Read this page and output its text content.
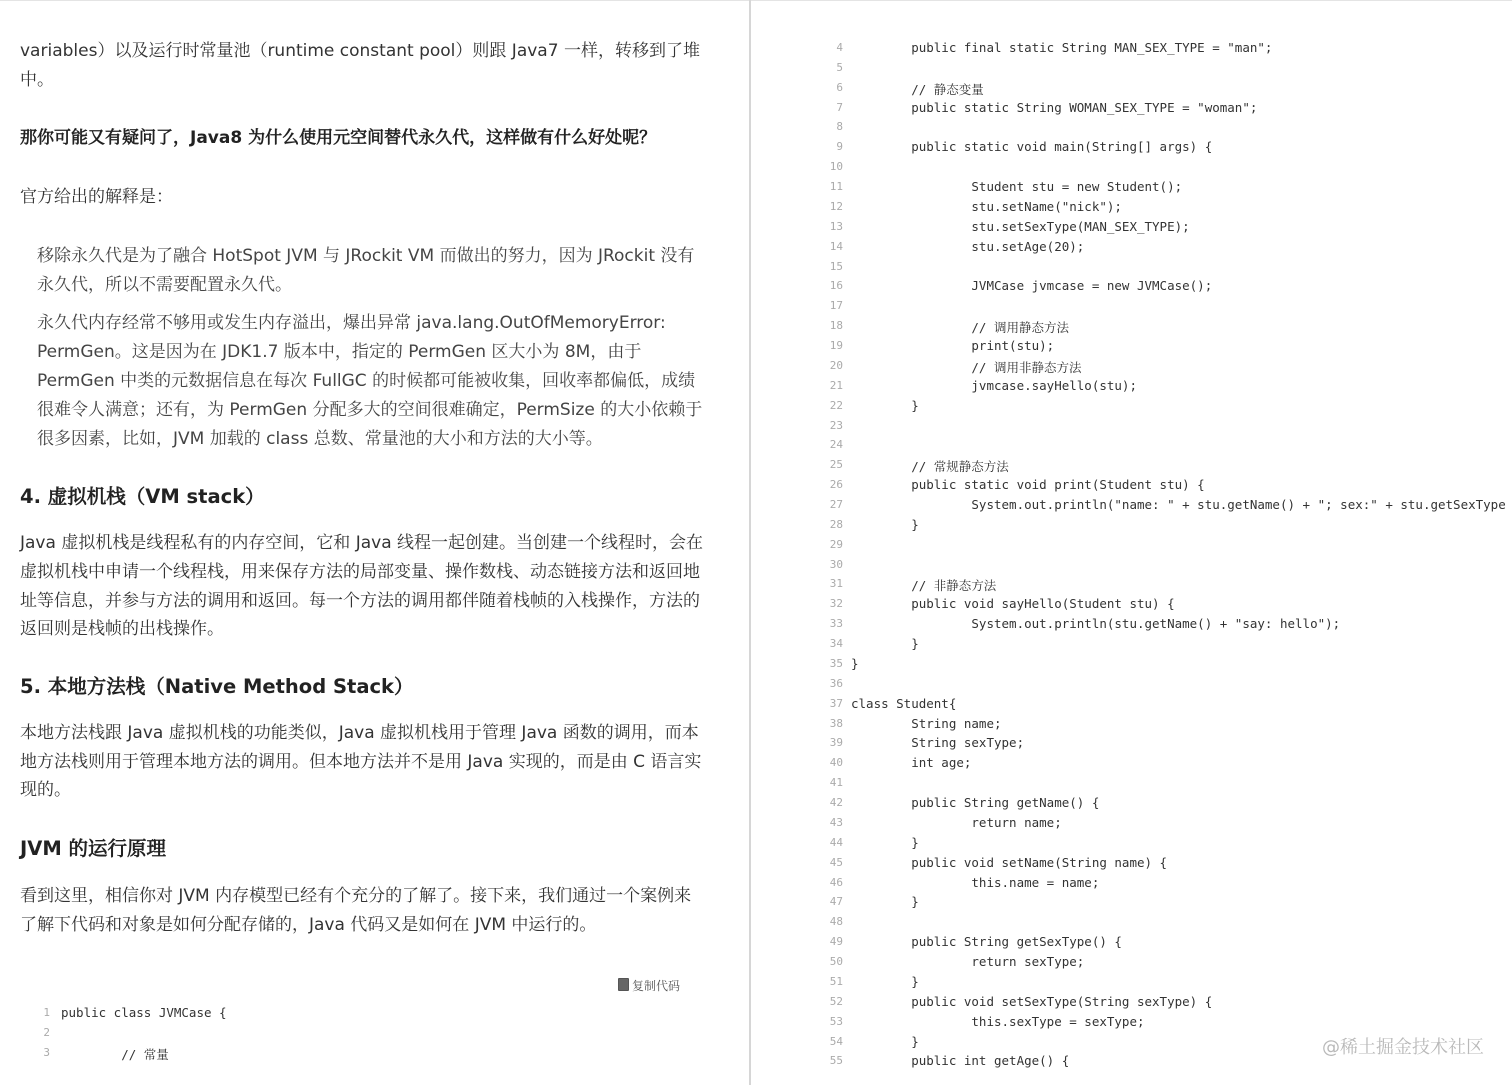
variables）以及运行时常量池（runtime constant pool）则跟 Java7 一样，转移到了堆

中。

那你可能又有疑问了，Java8 为什么使用元空间替代永久代，这样做有什么好处呢？

官方给出的解释是：

移除永久代是为了融合 HotSpot JVM 与 JRockit VM 而做出的努力，因为 JRockit 没有

永久代，所以不需要配置永久代。

永久代内存经常不够用或发生内存溢出，爆出异常 java.lang.OutOfMemoryError:

PermGen。这是因为在 JDK1.7 版本中，指定的 PermGen 区大小为 8M，由于

PermGen 中类的元数据信息在每次 FullGC 的时候都可能被收集，回收率都偏低，成绩

很难令人满意；还有，为 PermGen 分配多大的空间很难确定，PermSize 的大小依赖于

很多因素，比如，JVM 加载的 class 总数、常量池的大小和方法的大小等。

4. 虚拟机栈（VM stack）

Java 虚拟机栈是线程私有的内存空间，它和 Java 线程一起创建。当创建一个线程时，会在

虚拟机栈中申请一个线程栈，用来保存方法的局部变量、操作数栈、动态链接方法和返回地

址等信息，并参与方法的调用和返回。每一个方法的调用都伴随着栈帧的入栈操作，方法的

返回则是栈帧的出栈操作。

5. 本地方法栈（Native Method Stack）

本地方法栈跟 Java 虚拟机栈的功能类似，Java 虚拟机栈用于管理 Java 函数的调用，而本

地方法栈则用于管理本地方法的调用。但本地方法并不是用 Java 实现的，而是由 C 语言实

现的。

JVM 的运行原理

看到这里，相信你对 JVM 内存模型已经有个充分的了解了。接下来，我们通过一个案例来

了解下代码和对象是如何分配存储的，Java 代码又是如何在 JVM 中运行的。

复制代码
1 public class JVMCase {
2
3 // 常量
4 public final static String MAN_SEX_TYPE = "man";
5
6 // 静态变量
7 public static String WOMAN_SEX_TYPE = "woman";
8
9 public static void main(String[] args) {
10
11 Student stu = new Student();
12 stu.setName("nick");
13 stu.setSexType(MAN_SEX_TYPE);
14 stu.setAge(20);
15
16 JVMCase jvmcase = new JVMCase();
17
18 // 调用静态方法
19 print(stu);
20 // 调用非静态方法
21 jvmcase.sayHello(stu);
22 }
23
24
25 // 常规静态方法
26 public static void print(Student stu) {
27 System.out.println("name: " + stu.getName() + "; sex:" + stu.getSexType
28 }
29
30
31 // 非静态方法
32 public void sayHello(Student stu) {
33 System.out.println(stu.getName() + "say: hello");
34 }
35 }
36
37 class Student{
38 String name;
39 String sexType;
40 int age;
41
42 public String getName() {
43 return name;
44 }
45 public void setName(String name) {
46 this.name = name;
47 }
48
49 public String getSexType() {
50 return sexType;
51 }
52 public void setSexType(String sexType) {
53 this.sexType = sexType;
54 }
55 public int getAge() {
@稀土掘金技术社区
